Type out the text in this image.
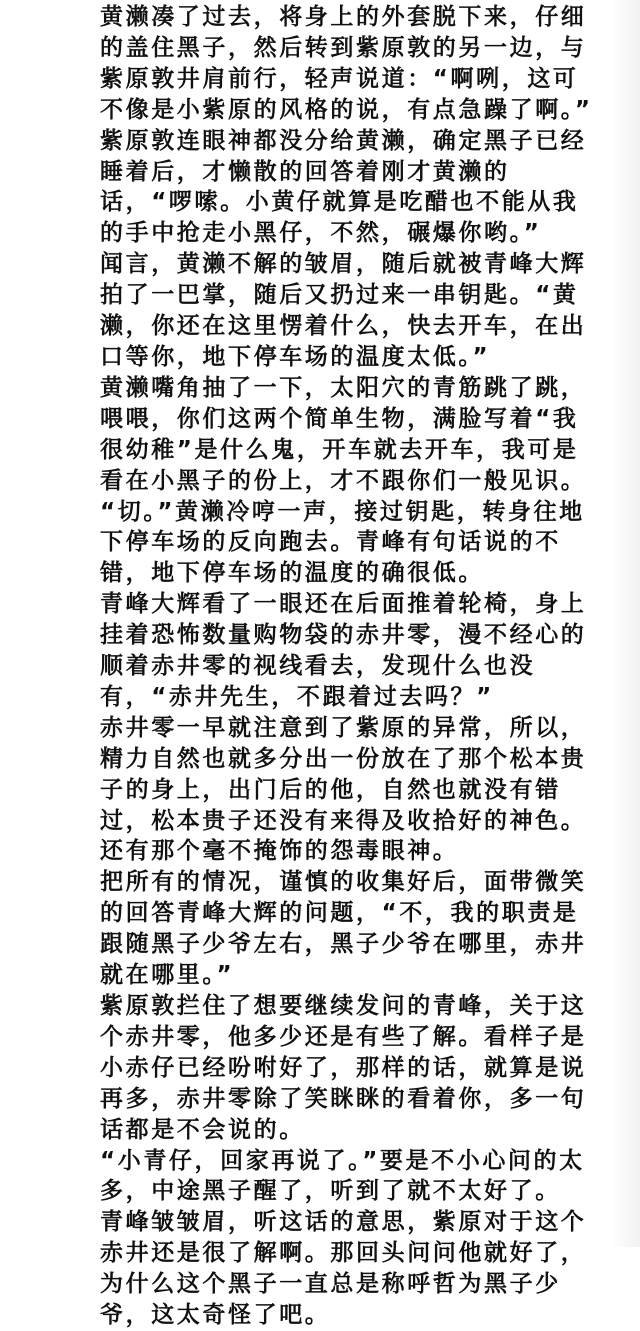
黄濑凑了过去，将身上的外套脱下来，仔细的盖住黑子，然后转到紫原敦的另一边，与紫原敦井肩前行，轻声说道：“啊咧，这可不像是小紫原的风格的说，有点急躁了啊。”

紫原敦连眼神都没分给黄濑，确定黑子已经睡着后，才懒散的回答着刚才黄濑的话，“啰嗦。小黄仔就算是吃醋也不能从我的手中抢走小黑仔，不然，碾爆你哟。”

闻言，黄濑不解的皱眉，随后就被青峰大辉拍了一巴掌，随后又扔过来一串钥匙。“黄濑，你还在这里愣着什么，快去开车，在出口等你，地下停车场的温度太低。”

黄濑嘴角抽了一下，太阳穴的青筋跳了跳，喂喂，你们这两个简单生物，满脸写着“我很幼稚”是什么鬼，开车就去开车，我可是看在小黑子的份上，才不跟你们一般见识。

“切。”黄濑冷哼一声，接过钥匙，转身往地下停车场的反向跑去。青峰有句话说的不错，地下停车场的温度的确很低。

青峰大辉看了一眼还在后面推着轮椅，身上挂着恐怖数量购物袋的赤井零，漫不经心的顺着赤井零的视线看去，发现什么也没有，“赤井先生，不跟着过去吗？”

赤井零一早就注意到了紫原的异常，所以，精力自然也就多分出一份放在了那个松本贵子的身上，出门后的他，自然也就没有错过，松本贵子还没有来得及收拾好的神色。

还有那个毫不掩饰的怨毒眼神。

把所有的情况，谨慎的收集好后，面带微笑的回答青峰大辉的问题，“不，我的职责是跟随黑子少爷左右，黑子少爷在哪里，赤井就在哪里。”

紫原敦拦住了想要继续发问的青峰，关于这个赤井零，他多少还是有些了解。看样子是小赤仔已经吩咐好了，那样的话，就算是说再多，赤井零除了笑眯眯的看着你，多一句话都是不会说的。

“小青仔，回家再说了。”要是不小心问的太多，中途黑子醒了，听到了就不太好了。

青峰皱皱眉，听这话的意思，紫原对于这个赤井还是很了解啊。那回头问问他就好了，为什么这个黑子一直总是称呼哲为黑子少爷，这太奇怪了吧。
